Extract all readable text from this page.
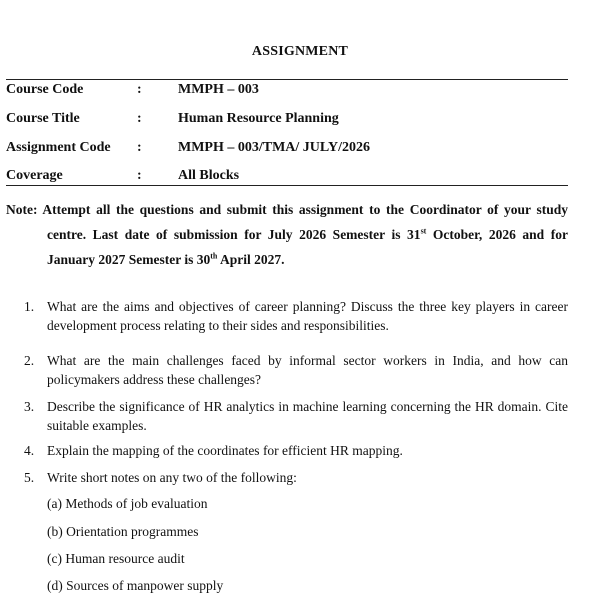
ASSIGNMENT
Course Code	:	MMPH – 003
Course Title	:	Human Resource Planning
Assignment Code :	MMPH – 003/TMA/ JULY/2026
Coverage	:	All Blocks
Note: Attempt all the questions and submit this assignment to the Coordinator of your study centre. Last date of submission for July 2026 Semester is 31st October, 2026 and for January 2027 Semester is 30th April 2027.
1. What are the aims and objectives of career planning? Discuss the three key players in career development process relating to their sides and responsibilities.
2. What are the main challenges faced by informal sector workers in India, and how can policymakers address these challenges?
3. Describe the significance of HR analytics in machine learning concerning the HR domain. Cite suitable examples.
4. Explain the mapping of the coordinates for efficient HR mapping.
5. Write short notes on any two of the following:
(a) Methods of job evaluation
(b) Orientation programmes
(c) Human resource audit
(d) Sources of manpower supply
